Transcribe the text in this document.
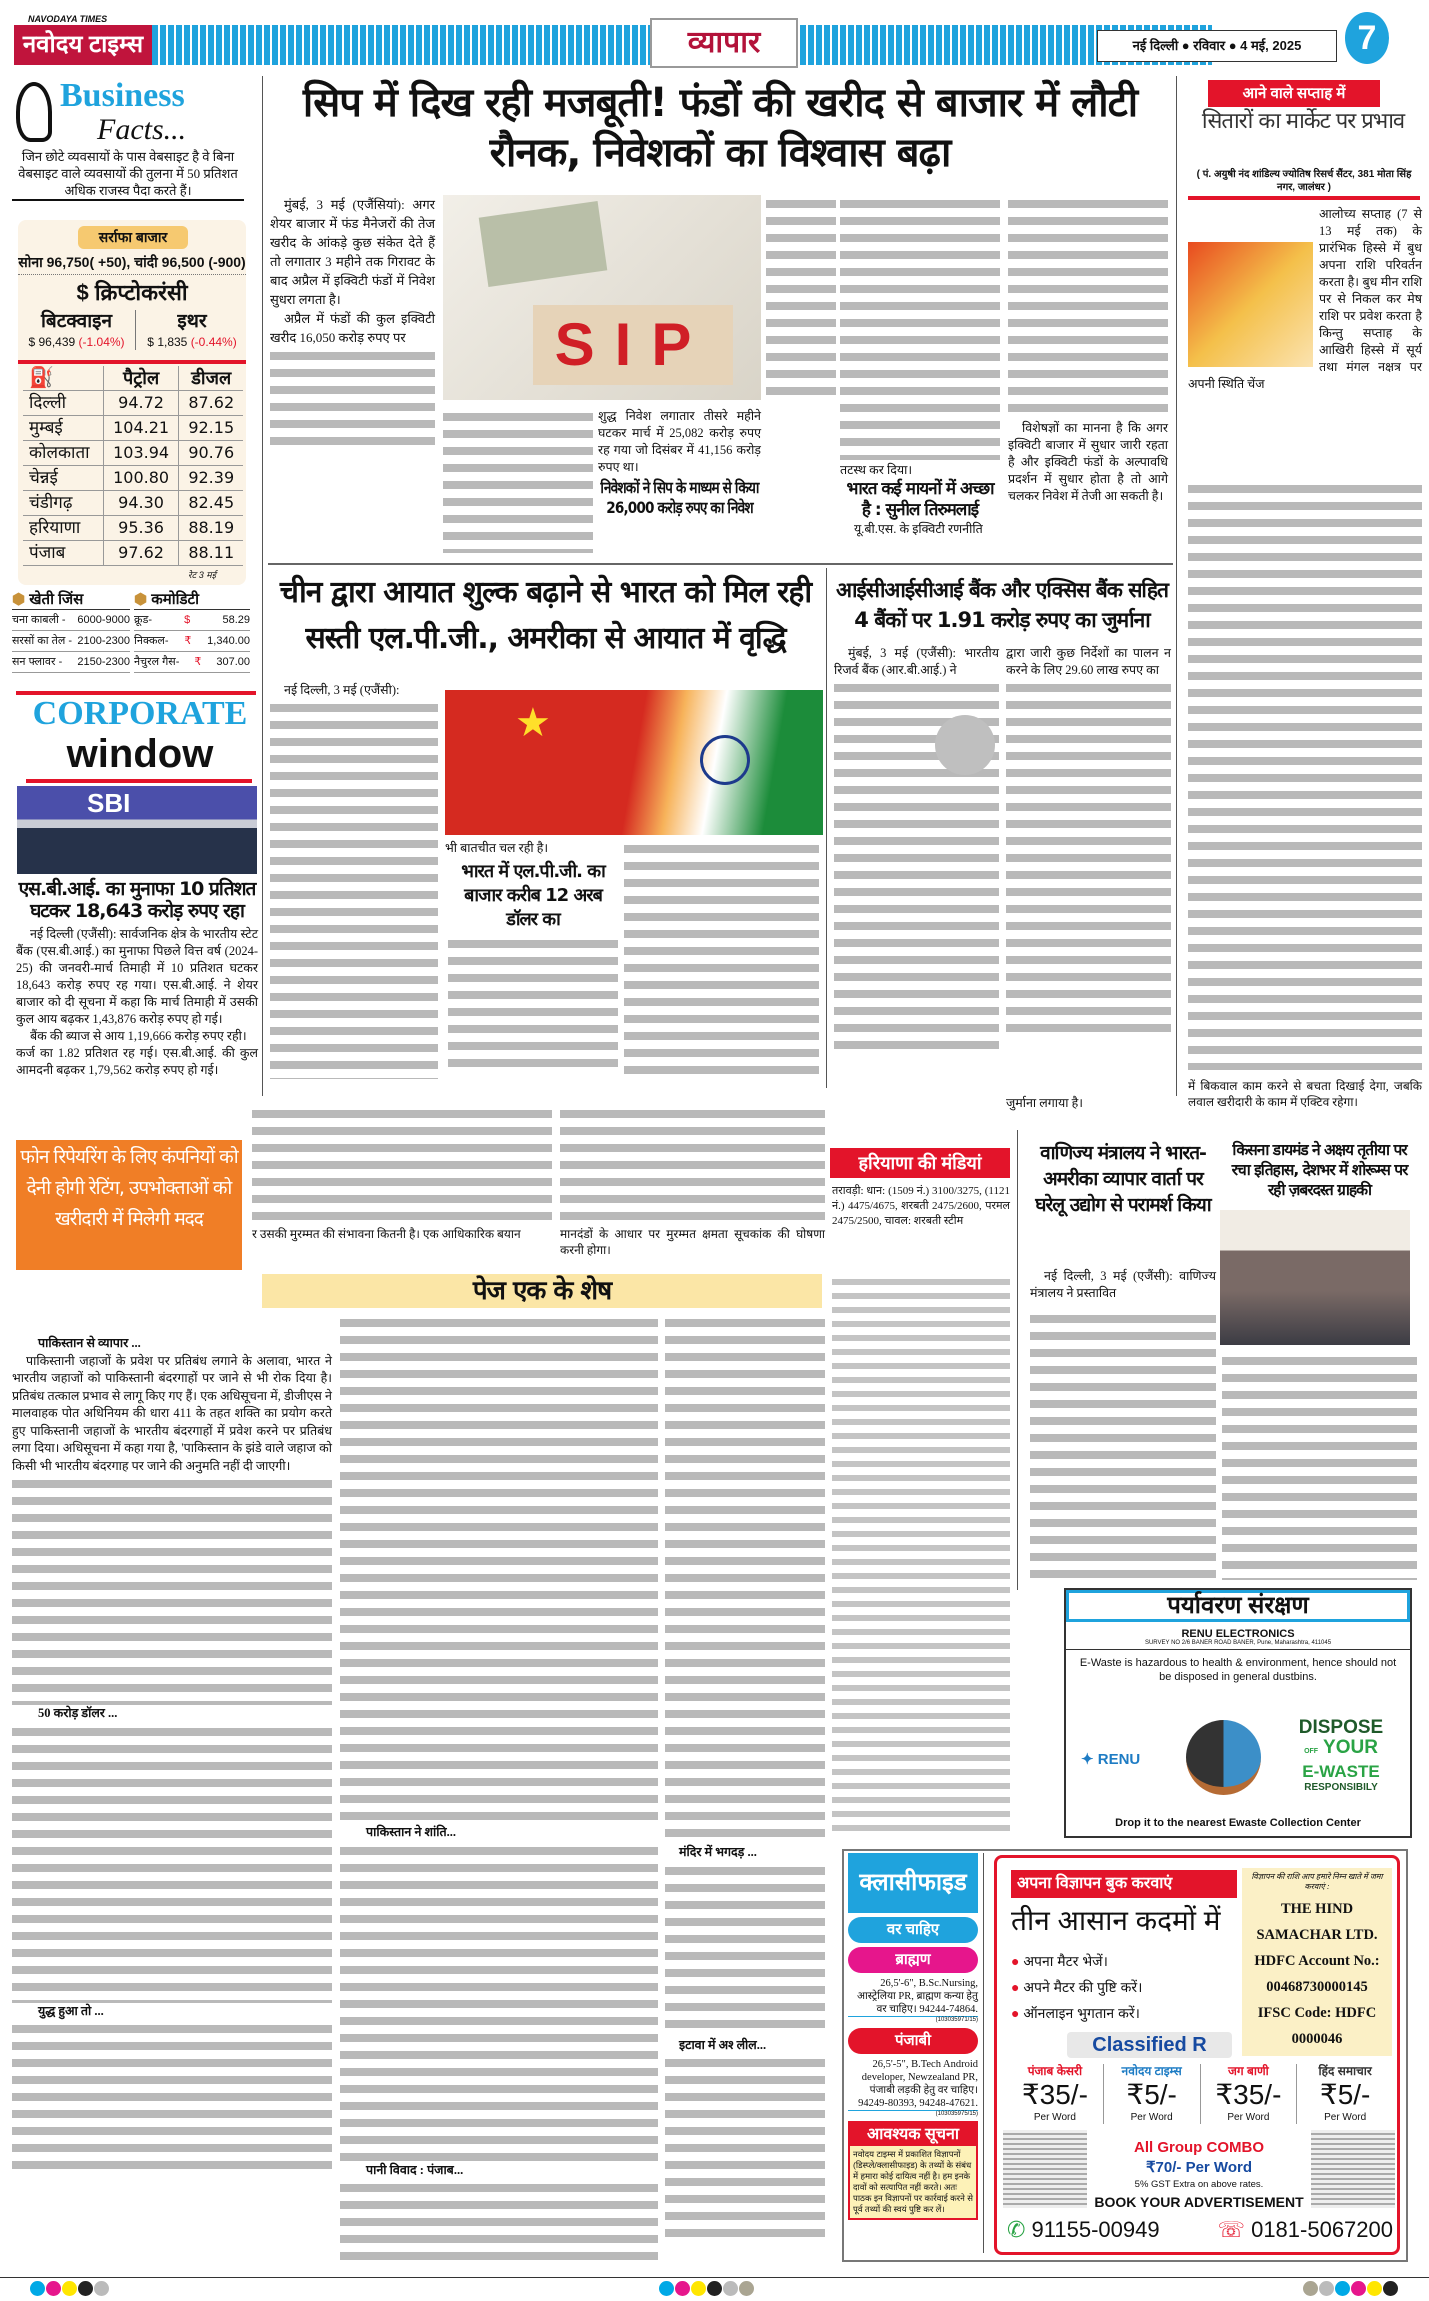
NAVODAYA TIMES
नवोदय टाइम्स	व्यापार	नई दिल्ली ● रविवार ● 4 मई, 2025	7
Business
Facts...
जिन छोटे व्यवसायों के पास वेबसाइट है वे बिना वेबसाइट वाले व्यवसायों की तुलना में 50 प्रतिशत अधिक राजस्व पैदा करते हैं।
सर्राफा बाजार
सोना 96,750( +50), चांदी 96,500 (-900)
$ क्रिप्टोकरंसी
बिटक्वाइन
$ 96,439 (-1.04%)
इथर
$ 1,835 (-0.44%)
⛽	पैट्रोल	डीजल
दिल्ली	94.72	87.62
मुम्बई	104.21	92.15
कोलकाता	103.94	90.76
चेन्नई	100.80	92.39
चंडीगढ़	94.30	82.45
हरियाणा	95.36	88.19
पंजाब	97.62	88.11
रेट 3 मई
⬢ खेती जिंस
चना काबली - 6000-9000
सरसों का तेल - 2100-2300
सन फ्लावर - 2150-2300
⬢ कमोडिटी
क्रूड-	$	58.29
निक्कल- ₹ 1,340.00
नैचुरल गैस- ₹ 307.00
CORPORATE
window
SBI
एस.बी.आई. का मुनाफा 10 प्रतिशत घटकर 18,643 करोड़ रुपए रहा

नई दिल्ली (एजैंसी): सार्वजनिक क्षेत्र के भारतीय स्टेट बैंक (एस.बी.आई.) का मुनाफा पिछले वित्त वर्ष (2024-25) की जनवरी-मार्च तिमाही में 10 प्रतिशत घटकर 18,643 करोड़ रुपए रह गया। एस.बी.आई. ने शेयर बाजार को दी सूचना में कहा कि मार्च तिमाही में उसकी कुल आय बढ़कर 1,43,876 करोड़ रुपए हो गई।

बैंक की ब्याज से आय 1,19,666 करोड़ रुपए रही।

कर्ज का 1.82 प्रतिशत रह गई। एस.बी.आई. की कुल आमदनी बढ़कर 1,79,562 करोड़ रुपए हो गई।

सिप में दिख रही मजबूती! फंडों की खरीद से बाजार में लौटी रौनक, निवेशकों का विश्वास बढ़ा

मुंबई, 3 मई (एजैंसियां): अगर शेयर बाजार में फंड मैनेजरों की तेज खरीद के आंकड़े कुछ संकेत देते हैं तो लगातार 3 महीने तक गिरावट के बाद अप्रैल में इक्विटी फंडों में निवेश सुधरा लगता है।

अप्रैल में फंडों की कुल इक्विटी खरीद 16,050 करोड़ रुपए पर	SIP

शुद्ध निवेश लगातार तीसरे महीने घटकर मार्च में 25,082 करोड़ रुपए रह गया जो दिसंबर में 41,156 करोड़ रुपए था।

निवेशकों ने सिप के माध्यम से किया 26,000 करोड़ रुपए का निवेश

तटस्थ कर दिया।

भारत कई मायनों में अच्छा है : सुनील तिरुमलाई

यू.बी.एस. के इक्विटी रणनीति

विशेषज्ञों का मानना है कि अगर इक्विटी बाजार में सुधार जारी रहता है और इक्विटी फंडों के अल्पावधि प्रदर्शन में सुधार होता है तो आगे चलकर निवेश में तेजी आ सकती है।
चीन द्वारा आयात शुल्क बढ़ाने से भारत को मिल रही सस्ती एल.पी.जी., अमरीका से आयात में वृद्धि

नई दिल्ली, 3 मई (एजैंसी):

★
भी बातचीत चल रही है।
भारत में एल.पी.जी. का बाजार करीब 12 अरब डॉलर का
आईसीआईसीआई बैंक और एक्सिस बैंक सहित 4 बैंकों पर 1.91 करोड़ रुपए का जुर्माना

मुंबई, 3 मई (एजैंसी): भारतीय रिजर्व बैंक (आर.बी.आई.) ने

द्वारा जारी कुछ निर्देशों का पालन न करने के लिए 29.60 लाख रुपए का

जुर्माना लगाया है।
आने वाले सप्ताह में
सितारों का मार्केट पर प्रभाव
( पं. अयुषी नंद शांडिल्य ज्योतिष रिसर्च सैंटर, 381 मोता सिंह नगर, जालंधर )
आलोच्य सप्ताह (7 से 13 मई तक) के प्रारंभिक हिस्से में बुध अपना राशि परिवर्तन करता है। बुध मीन राशि पर से निकल कर मेष राशि पर प्रवेश करता है किन्तु सप्ताह के आखिरी हिस्से में सूर्य तथा मंगल नक्षत्र पर अपनी स्थिति चेंज
में बिकवाल काम करने से बचता दिखाई देगा, जबकि लवाल खरीदारी के काम में एक्टिव रहेगा।
फोन रिपेयरिंग के लिए कंपनियों को देनी होगी रेटिंग, उपभोक्ताओं को खरीदारी में मिलेगी मदद
र उसकी मुरम्मत की संभावना कितनी है। एक आधिकारिक बयान	मानदंडों के आधार पर मुरम्मत क्षमता सूचकांक की घोषणा करनी होगा।
पेज एक के शेष
पाकिस्तान से व्यापार ...

पाकिस्तानी जहाजों के प्रवेश पर प्रतिबंध लगाने के अलावा, भारत ने भारतीय जहाजों को पाकिस्तानी बंदरगाहों पर जाने से भी रोक दिया है। प्रतिबंध तत्काल प्रभाव से लागू किए गए हैं। एक अधिसूचना में, डीजीएस ने मालवाहक पोत अधिनियम की धारा 411 के तहत शक्ति का प्रयोग करते हुए पाकिस्तानी जहाजों के भारतीय बंदरगाहों में प्रवेश करने पर प्रतिबंध लगा दिया। अधिसूचना में कहा गया है, 'पाकिस्तान के झंडे वाले जहाज को किसी भी भारतीय बंदरगाह पर जाने की अनुमति नहीं दी जाएगी।

50 करोड़ डॉलर ...
युद्ध हुआ तो ...
पाकिस्तान ने शांति...
पानी विवाद : पंजाब...
मंदिर में भगदड़ ...
इटावा में अश्‍ लील...
हरियाणा की मंडियां
तरावड़ी: धान: (1509 नं.) 3100/3275, (1121 नं.) 4475/4675, शरबती 2475/2600, परमल 2475/2500, चावल: शरबती स्टीम
वाणिज्य मंत्रालय ने भारत-अमरीका व्यापार वार्ता पर घरेलू उद्योग से परामर्श किया
नई दिल्ली, 3 मई (एजैंसी): वाणिज्य मंत्रालय ने प्रस्तावित
किसना डायमंड ने अक्षय तृतीया पर रचा इतिहास, देशभर में शोरूम्स पर रही ज़बरदस्त ग्राहकी
पर्यावरण संरक्षण
RENU ELECTRONICS
SURVEY NO 2/6 BANER ROAD BANER, Pune, Maharashtra, 411045
E-Waste is hazardous to health & environment, hence should not be disposed in general dustbins.
✦ RENU
DISPOSE
OFF YOUR
E-WASTE
RESPONSIBILY
Drop it to the nearest Ewaste Collection Center
क्लासीफाइड
वर चाहिए
ब्राह्मण
26,5'-6", B.Sc.Nursing, आस्ट्रेलिया PR, ब्राह्मण कन्या हेतु वर चाहिए। 94244-74864.
(103035971/15)
पंजाबी
26,5'-5", B.Tech Android developer, Newzealand PR, पंजाबी लड़की हेतु वर चाहिए। 94249-80393, 94248-47621.
(103035975/15)
आवश्यक सूचना
नवोदय टाइम्स में प्रकाशित विज्ञापनों (डिस्प्ले/क्लासीफाइड) के तथ्यों के संबंध में हमारा कोई दायित्व नहीं है। हम इनके दावों को सत्यापित नहीं करते। अतः पाठक इन विज्ञापनों पर कार्रवाई करने से पूर्व तथ्यों की स्वयं पुष्टि कर लें।
अपना विज्ञापन बुक करवाएं
तीन आसान कदमों में
● अपना मैटर भेजें।
● अपने मैटर की पुष्टि करें।
● ऑनलाइन भुगतान करें।
विज्ञापन की राशि आप हमारे निम्न खाते में जमा करवाएं :
THE HIND
SAMACHAR LTD.
HDFC Account No.:
00468730000145
IFSC Code: HDFC
0000046
Classified R
पंजाब केसरी
₹35/-
Per Word
नवोदय टाइम्स
₹5/-
Per Word
जग बाणी
₹35/-
Per Word
हिंद समाचार
₹5/-
Per Word
All Group COMBO
₹70/- Per Word
5% GST Extra on above rates.
BOOK YOUR ADVERTISEMENT
✆ 91155-00949	☏ 0181-5067200
